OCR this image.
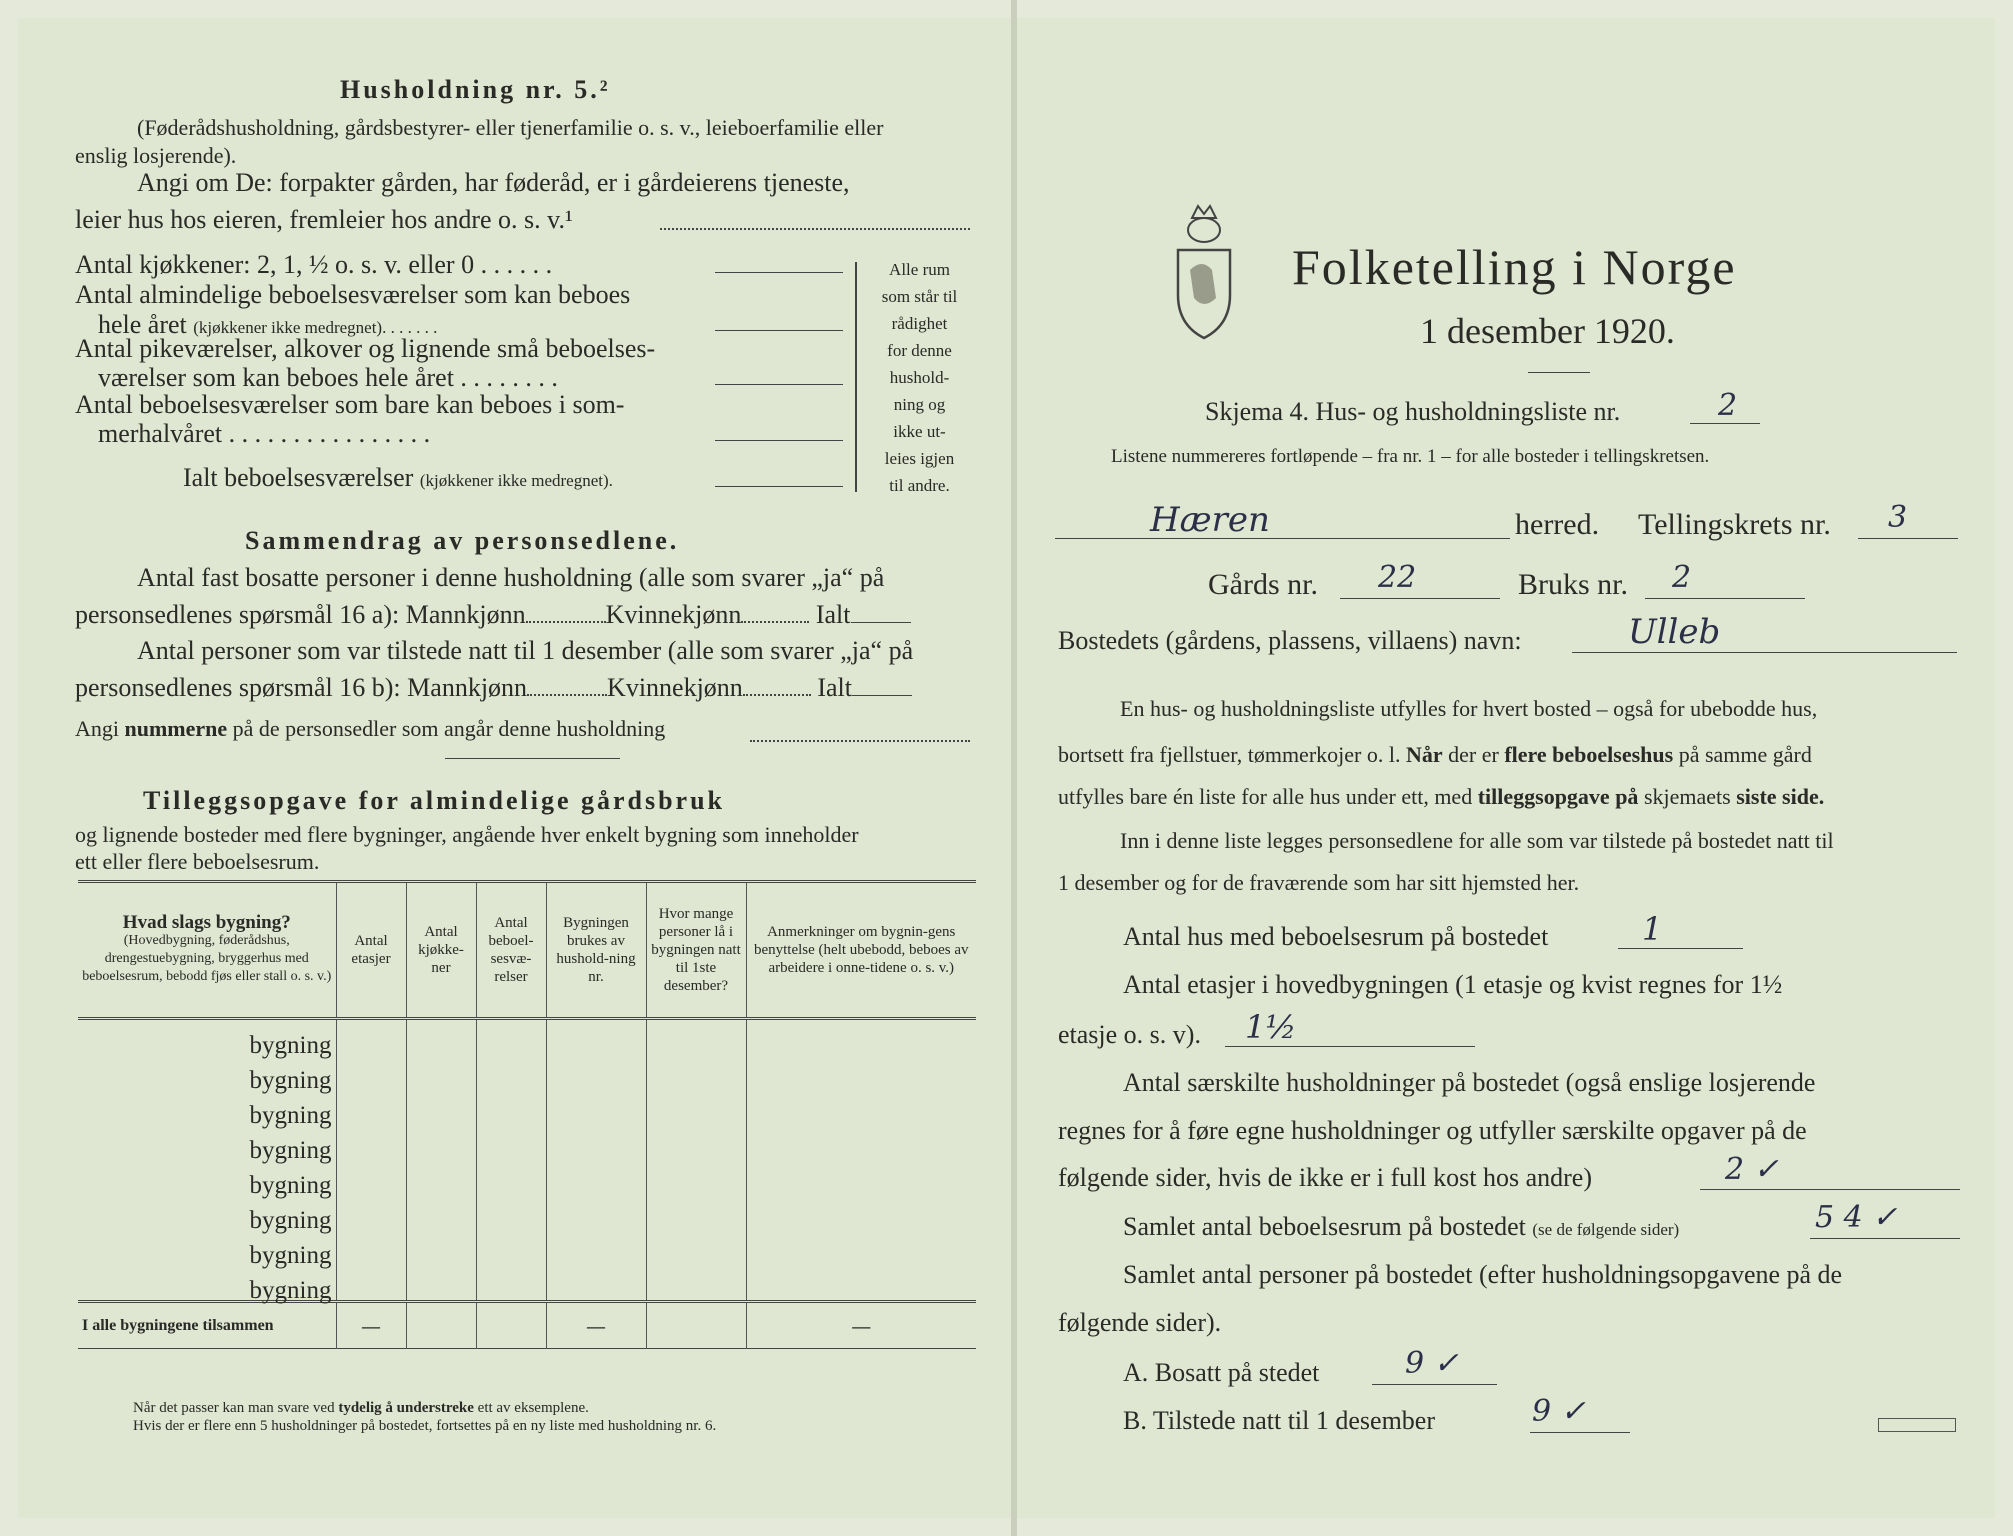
Husholdning nr. 5.²
(Føderådshusholdning, gårdsbestyrer- eller tjenerfamilie o. s. v., leieboerfamilie eller
enslig losjerende).
Angi om De: forpakter gården, har føderåd, er i gårdeierens tjeneste,
leier hus hos eieren, fremleier hos andre o. s. v.¹
Antal kjøkkener: 2, 1, ½ o. s. v. eller 0 . . . . . .
Antal almindelige beboelsesværelser som kan beboes
hele året (kjøkkener ikke medregnet). . . . . . .
Antal pikeværelser, alkover og lignende små beboelses-
værelser som kan beboes hele året . . . . . . . .
Antal beboelsesværelser som bare kan beboes i som-
merhalvåret . . . . . . . . . . . . . . . .
Ialt beboelsesværelser (kjøkkener ikke medregnet).
Alle rum
som står til
rådighet
for denne
hushold-
ning og
ikke ut-
leies igjen
til andre.
Sammendrag av personsedlene.
Antal fast bosatte personer i denne husholdning (alle som svarer „ja“ på
personsedlenes spørsmål 16 a): Mannkjønn	Kvinnekjønn	Ialt
Antal personer som var tilstede natt til 1 desember (alle som svarer „ja“ på
personsedlenes spørsmål 16 b): Mannkjønn	Kvinnekjønn	Ialt
Angi nummerne på de personsedler som angår denne husholdning
Tilleggsopgave for almindelige gårdsbruk
og lignende bosteder med flere bygninger, angående hver enkelt bygning som inneholder
ett eller flere beboelsesrum.
Hvad slags bygning?
(Hovedbygning, føderådshus, drengestuebygning, bryggerhus med beboelsesrum, bebodd fjøs eller stall o. s. v.)	Antal etasjer	Antal kjøkke-ner	Antal beboel-sesvæ-relser	Bygningen brukes av hushold-ning nr.	Hvor mange personer lå i bygningen natt til 1ste desember?	Anmerkninger om bygnin-gens benyttelse (helt ubebodd, beboes av arbeidere i onne-tidene o. s. v.)
bygning						
bygning						
bygning						
bygning						
bygning						
bygning						
bygning						
bygning						
I alle bygningene tilsammen	—			—		—
Når det passer kan man svare ved tydelig å understreke ett av eksemplene.
Hvis der er flere enn 5 husholdninger på bostedet, fortsettes på en ny liste med husholdning nr. 6.
Folketelling i Norge
1 desember 1920.
Skjema 4. Hus- og husholdningsliste nr.	2
Listene nummereres fortløpende – fra nr. 1 – for alle bosteder i tellingskretsen.
Hæren	herred. Tellingskrets nr. 3
Gårds nr. 22	Bruks nr. 2
Bostedets (gårdens, plassens, villaens) navn:	Ulleb
En hus- og husholdningsliste utfylles for hvert bosted – også for ubebodde hus,
bortsett fra fjellstuer, tømmerkojer o. l. Når der er flere beboelseshus på samme gård
utfylles bare én liste for alle hus under ett, med tilleggsopgave på skjemaets siste side.
Inn i denne liste legges personsedlene for alle som var tilstede på bostedet natt til
1 desember og for de fraværende som har sitt hjemsted her.
Antal hus med beboelsesrum på bostedet	1
Antal etasjer i hovedbygningen (1 etasje og kvist regnes for 1½
etasje o. s. v). 1½
Antal særskilte husholdninger på bostedet (også enslige losjerende
regnes for å føre egne husholdninger og utfyller særskilte opgaver på de
følgende sider, hvis de ikke er i full kost hos andre)	2 ✓
Samlet antal beboelsesrum på bostedet (se de følgende sider)	5 4 ✓
Samlet antal personer på bostedet (efter husholdningsopgavene på de
følgende sider).
A. Bosatt på stedet	9 ✓
B. Tilstede natt til 1 desember	9 ✓
